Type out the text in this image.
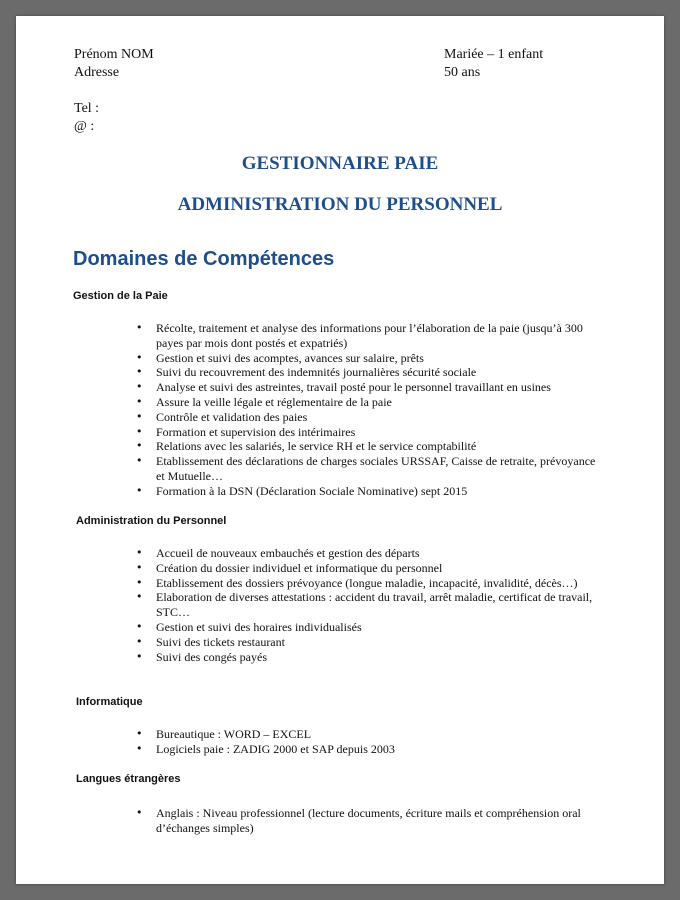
Prénom NOM
Adresse
Mariée – 1 enfant
50 ans
Tel :
@ :
GESTIONNAIRE PAIE
ADMINISTRATION DU PERSONNEL
Domaines de Compétences
Gestion de la Paie
• Récolte, traitement et analyse des informations pour l’élaboration de la paie (jusqu’à 300 payes par mois dont postés et expatriés)
• Gestion et suivi des acomptes, avances sur salaire, prêts
• Suivi du recouvrement des indemnités journalières sécurité sociale
• Analyse et suivi des astreintes, travail posté pour le personnel travaillant en usines
• Assure la veille légale et réglementaire de la paie
• Contrôle et validation des paies
• Formation et supervision des intérimaires
• Relations avec les salariés, le service RH et le service comptabilité
• Etablissement des déclarations de charges sociales URSSAF, Caisse de retraite, prévoyance et Mutuelle…
• Formation à la DSN (Déclaration Sociale Nominative) sept 2015
Administration du Personnel
• Accueil de nouveaux embauchés et gestion des départs
• Création du dossier individuel et informatique du personnel
• Etablissement des dossiers prévoyance (longue maladie, incapacité, invalidité, décès…)
• Elaboration de diverses attestations : accident du travail, arrêt maladie, certificat de travail, STC…
• Gestion et suivi des horaires individualisés
• Suivi des tickets restaurant
• Suivi des congés payés
Informatique
• Bureautique : WORD – EXCEL
• Logiciels paie : ZADIG 2000 et SAP depuis 2003
Langues étrangères
• Anglais : Niveau professionnel (lecture documents, écriture mails et compréhension oral d’échanges simples)
